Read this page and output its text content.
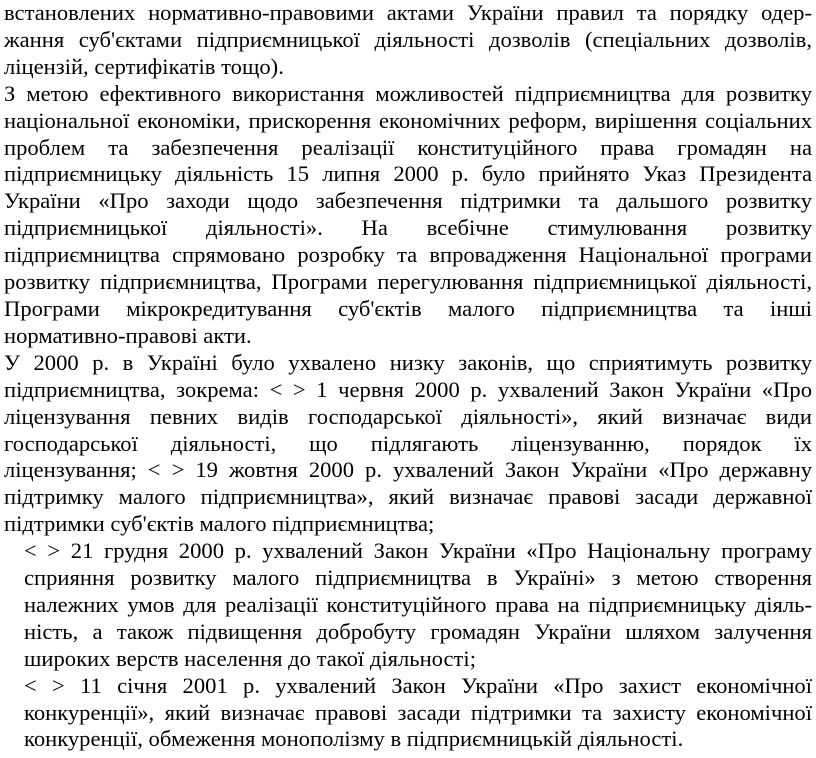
встановлених нормативно-правовими актами України правил та порядку одер-
жання суб'єктами підприємницької діяльності дозволів (спеціальних дозволів,
ліцензій, сертифікатів тощо).
З метою ефективного використання можливостей підприємництва для розвитку
національної економіки, прискорення економічних реформ, вирішення соціальних
проблем та забезпечення реалізації конституційного права громадян на
підприємницьку діяльність 15 липня 2000 р. було прийнято Указ Президента
України «Про заходи щодо забезпечення підтримки та дальшого розвитку
підприємницької діяльності». На всебічне стимулювання розвитку
підприємництва спрямовано розробку та впровадження Національної програми
розвитку підприємництва, Програми перегулювання підприємницької діяльності,
Програми мікрокредитування суб'єктів малого підприємництва та інші
нормативно-правові акти.
У 2000 р. в Україні було ухвалено низку законів, що сприятимуть розвитку
підприємництва, зокрема: < > 1 червня 2000 р. ухвалений Закон України «Про
ліцензування певних видів господарської діяльності», який визначає види
господарської діяльності, що підлягають ліцензуванню, порядок їх
ліцензування; < > 19 жовтня 2000 р. ухвалений Закон України «Про державну
підтримку малого підприємництва», який визначає правові засади державної
підтримки суб'єктів малого підприємництва;
< > 21 грудня 2000 р. ухвалений Закон України «Про Національну програму
сприяння розвитку малого підприємництва в Україні» з метою створення
належних умов для реалізації конституційного права на підприємницьку діяль-
ність, а також підвищення добробуту громадян України шляхом залучення
широких верств населення до такої діяльності;
< > 11 січня 2001 р. ухвалений Закон України «Про захист економічної
конкуренції», який визначає правові засади підтримки та захисту економічної
конкуренції, обмеження монополізму в підприємницькій діяльності.
